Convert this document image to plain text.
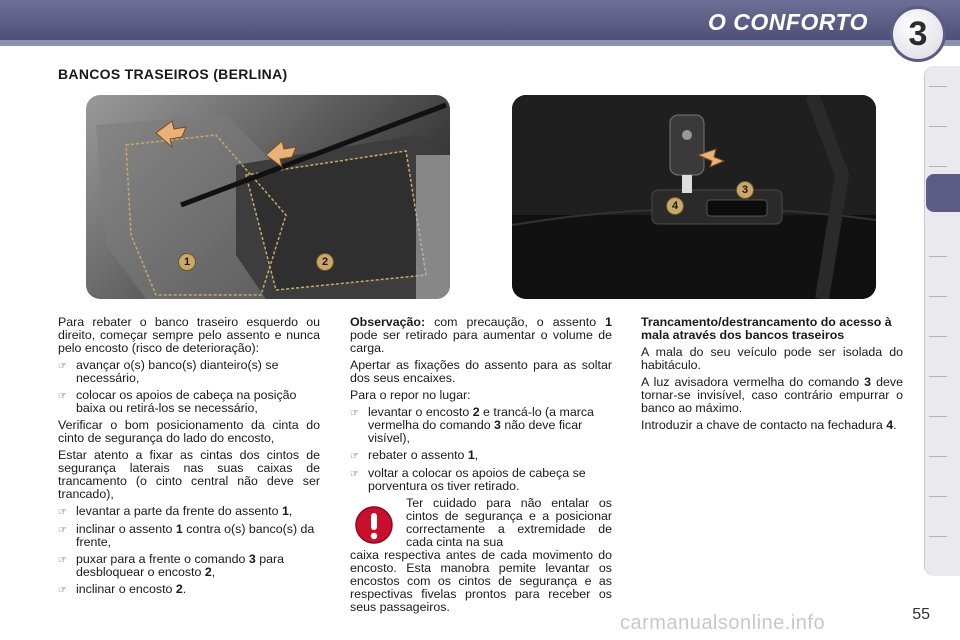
O CONFORTO	3
BANCOS TRASEIROS (BERLINA)
1	2
3
4
Para rebater o banco traseiro esquerdo ou direito, começar sempre pelo assento e nunca pelo encosto (risco de deterioração):
☞ avançar o(s) banco(s) dianteiro(s) se necessário,
☞ colocar os apoios de cabeça na posição baixa ou retirá-los se necessário,
Verificar o bom posicionamento da cinta do cinto de segurança do lado do encosto,
Estar atento a fixar as cintas dos cintos de segurança laterais nas suas caixas de trancamento (o cinto central não deve ser trancado),
☞ levantar a parte da frente do assento 1,
☞ inclinar o assento 1 contra o(s) banco(s) da frente,
☞ puxar para a frente o comando 3 para desbloquear o encosto 2,
☞ inclinar o encosto 2.
Observação: com precaução, o assento 1 pode ser retirado para aumentar o volume de carga.
Apertar as fixações do assento para as soltar dos seus encaixes.
Para o repor no lugar:
☞ levantar o encosto 2 e trancá-lo (a marca vermelha do comando 3 não deve ficar visível),
☞ rebater o assento 1,
☞ voltar a colocar os apoios de cabeça se porventura os tiver retirado.
Ter cuidado para não entalar os cintos de segurança e a posicionar correctamente a extremidade de cada cinta na sua
caixa respectiva antes de cada movimento do encosto. Esta manobra pemite levantar os encostos com os cintos de segurança e as respectivas fivelas prontos para receber os seus passageiros.
Trancamento/destrancamento do acesso à mala através dos bancos traseiros
A mala do seu veículo pode ser isolada do habitáculo.
A luz avisadora vermelha do comando 3 deve tornar-se invisível, caso contrário empurrar o banco ao máximo.
Introduzir a chave de contacto na fechadura 4.
55
carmanualsonline.info
